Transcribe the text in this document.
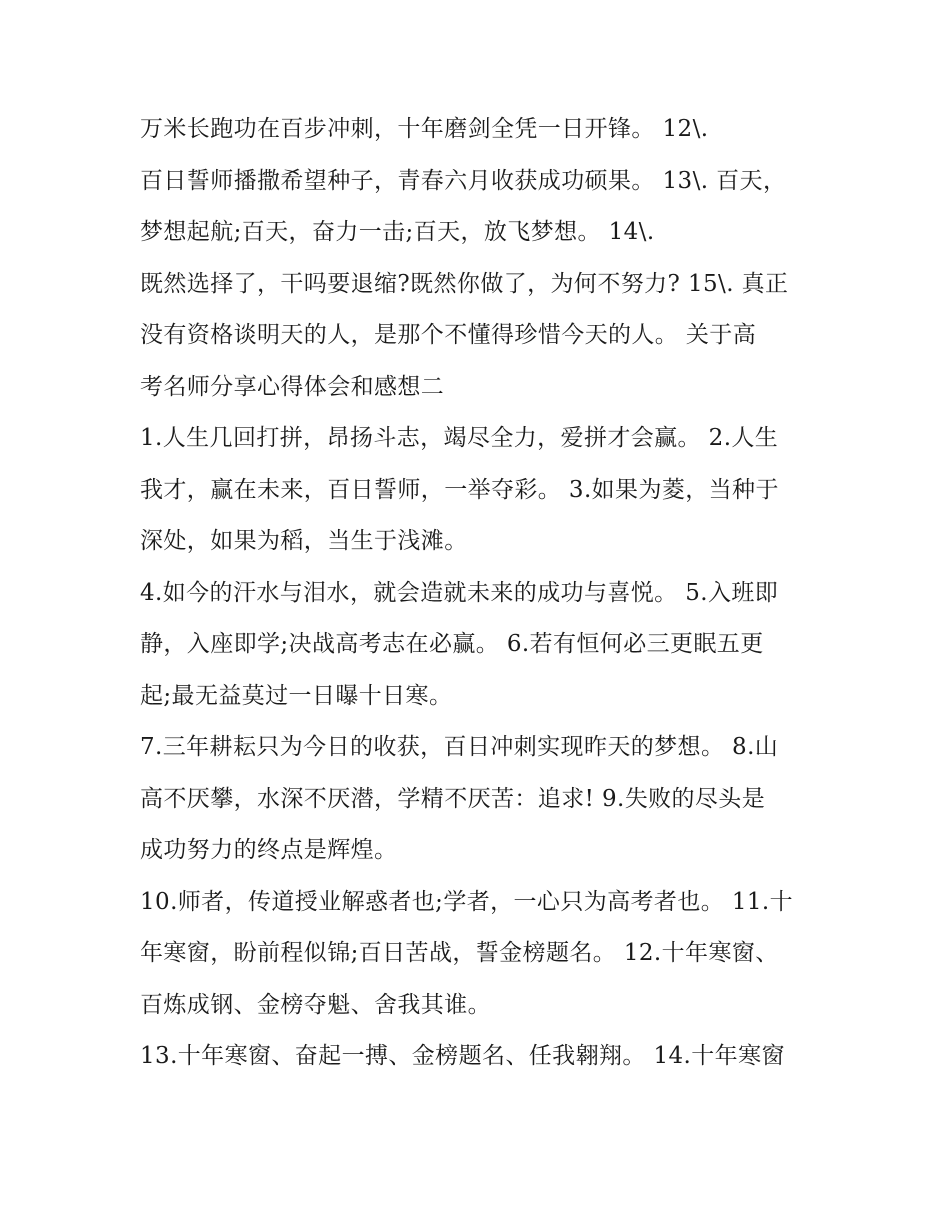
万米长跑功在百步冲刺，十年磨剑全凭一日开锋。 12\.
百日誓师播撒希望种子，青春六月收获成功硕果。 13\. 百天，
梦想起航;百天，奋力一击;百天，放飞梦想。 14\.
既然选择了，干吗要退缩?既然你做了，为何不努力? 15\. 真正
没有资格谈明天的人，是那个不懂得珍惜今天的人。 关于高
考名师分享心得体会和感想二
1.人生几回打拼，昂扬斗志，竭尽全力，爱拼才会赢。 2.人生
我才，赢在未来，百日誓师，一举夺彩。 3.如果为菱，当种于
深处，如果为稻，当生于浅滩。
4.如今的汗水与泪水，就会造就未来的成功与喜悦。 5.入班即
静，入座即学;决战高考志在必赢。 6.若有恒何必三更眠五更
起;最无益莫过一日曝十日寒。
7.三年耕耘只为今日的收获，百日冲刺实现昨天的梦想。 8.山
高不厌攀，水深不厌潜，学精不厌苦：追求! 9.失败的尽头是
成功努力的终点是辉煌。
10.师者，传道授业解惑者也;学者，一心只为高考者也。 11.十
年寒窗，盼前程似锦;百日苦战，誓金榜题名。 12.十年寒窗、
百炼成钢、金榜夺魁、舍我其谁。
13.十年寒窗、奋起一搏、金榜题名、任我翱翔。 14.十年寒窗
